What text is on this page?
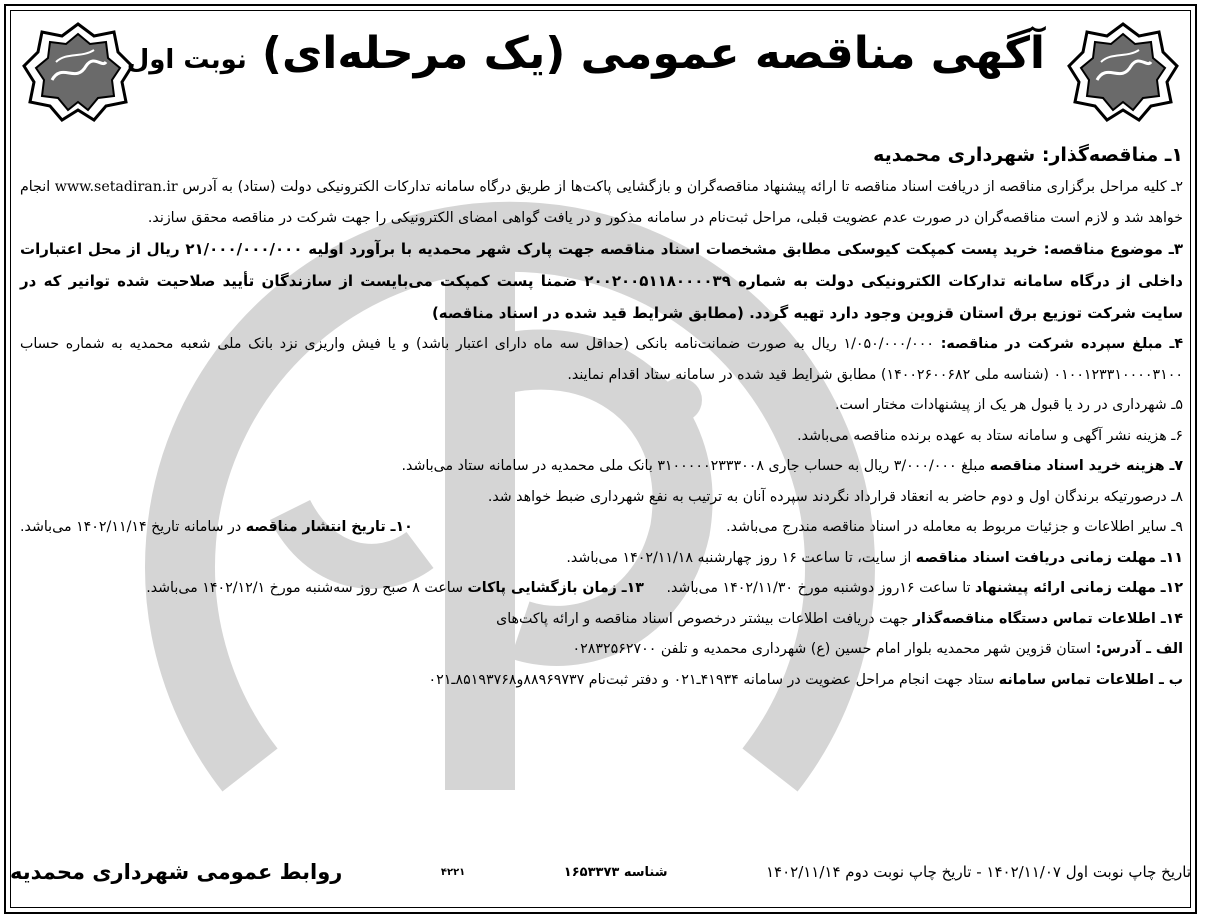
آگهی مناقصه عمومی (یک مرحله‌ای) نوبت اول

۱ـ مناقصه‌گذار: شهرداری محمدیه

۲ـ کلیه مراحل برگزاری مناقصه از دریافت اسناد مناقصه تا ارائه پیشنهاد مناقصه‌گران و بازگشایی پاکت‌ها از طریق درگاه سامانه تدارکات الکترونیکی دولت (ستاد) به آدرس www.setadiran.ir انجام خواهد شد و لازم است مناقصه‌گران در صورت عدم عضویت قبلی، مراحل ثبت‌نام در سامانه مذکور و در یافت گواهی امضای الکترونیکی را جهت شرکت در مناقصه محقق سازند.

۳ـ موضوع مناقصه: خرید پست کمپکت کیوسکی مطابق مشخصات اسناد مناقصه جهت پارک شهر محمدیه با برآورد اولیه ۲۱/۰۰۰/۰۰۰/۰۰۰ ریال از محل اعتبارات داخلی از درگاه سامانه تدارکات الکترونیکی دولت به شماره ۲۰۰۲۰۰۵۱۱۸۰۰۰۰۳۹ ضمنا پست کمپکت می‌بایست از سازندگان تأیید صلاحیت شده توانیر که در سایت شرکت توزیع برق استان قزوین وجود دارد تهیه گردد. (مطابق شرایط قید شده در اسناد مناقصه)

۴ـ مبلغ سپرده شرکت در مناقصه: ۱/۰۵۰/۰۰۰/۰۰۰ ریال به صورت ضمانت‌نامه بانکی (حداقل سه ماه دارای اعتبار باشد) و یا فیش واریزی نزد بانک ملی شعبه محمدیه به شماره حساب ۰۱۰۰۱۲۳۳۱۰۰۰۰۳۱۰۰ (شناسه ملی ۱۴۰۰۲۶۰۰۶۸۲) مطابق شرایط قید شده در سامانه ستاد اقدام نمایند.

۵ـ شهرداری در رد یا قبول هر یک از پیشنهادات مختار است.

۶ـ هزینه نشر آگهی و سامانه ستاد به عهده برنده مناقصه می‌باشد.

۷ـ هزینه خرید اسناد مناقصه مبلغ ۳/۰۰۰/۰۰۰ ریال به حساب جاری ۳۱۰۰۰۰۰۲۳۳۳۰۰۸ بانک ملی محمدیه در سامانه ستاد می‌باشد.

۸ـ درصورتیکه برندگان اول و دوم حاضر به انعقاد قرارداد نگردند سپرده آنان به ترتیب به نفع شهرداری ضبط خواهد شد.

۹ـ سایر اطلاعات و جزئیات مربوط به معامله در اسناد مناقصه مندرج می‌باشد.
۱۰ـ تاریخ انتشار مناقصه در سامانه تاریخ ۱۴۰۲/۱۱/۱۴ می‌باشد.

۱۱ـ مهلت زمانی دریافت اسناد مناقصه از سایت، تا ساعت ۱۶ روز چهارشنبه ۱۴۰۲/۱۱/۱۸ می‌باشد.

۱۲ـ مهلت زمانی ارائه پیشنهاد تا ساعت ۱۶روز دوشنبه مورخ ۱۴۰۲/۱۱/۳۰ می‌باشد.     ۱۳ـ زمان بازگشایی پاکات ساعت ۸ صبح روز سه‌شنبه مورخ ۱۴۰۲/۱۲/۱ می‌باشد.

۱۴ـ اطلاعات تماس دستگاه مناقصه‌گذار جهت دریافت اطلاعات بیشتر درخصوص اسناد مناقصه و ارائه پاکت‌های

الف ـ آدرس: استان قزوین شهر محمدیه بلوار امام حسین (ع) شهرداری محمدیه و تلفن ۰۲۸۳۲۵۶۲۷۰۰

ب ـ اطلاعات تماس سامانه ستاد جهت انجام مراحل عضویت در سامانه ۴۱۹۳۴ـ۰۲۱ و دفتر ثبت‌نام ۸۸۹۶۹۷۳۷و۸۵۱۹۳۷۶۸ـ۰۲۱

تاریخ چاپ نوبت اول ۱۴۰۲/۱۱/۰۷ - تاریخ چاپ نوبت دوم ۱۴۰۲/۱۱/۱۴
شناسه ۱۶۵۳۳۷۳
۴۲۲۱
روابط عمومی شهرداری محمدیه
